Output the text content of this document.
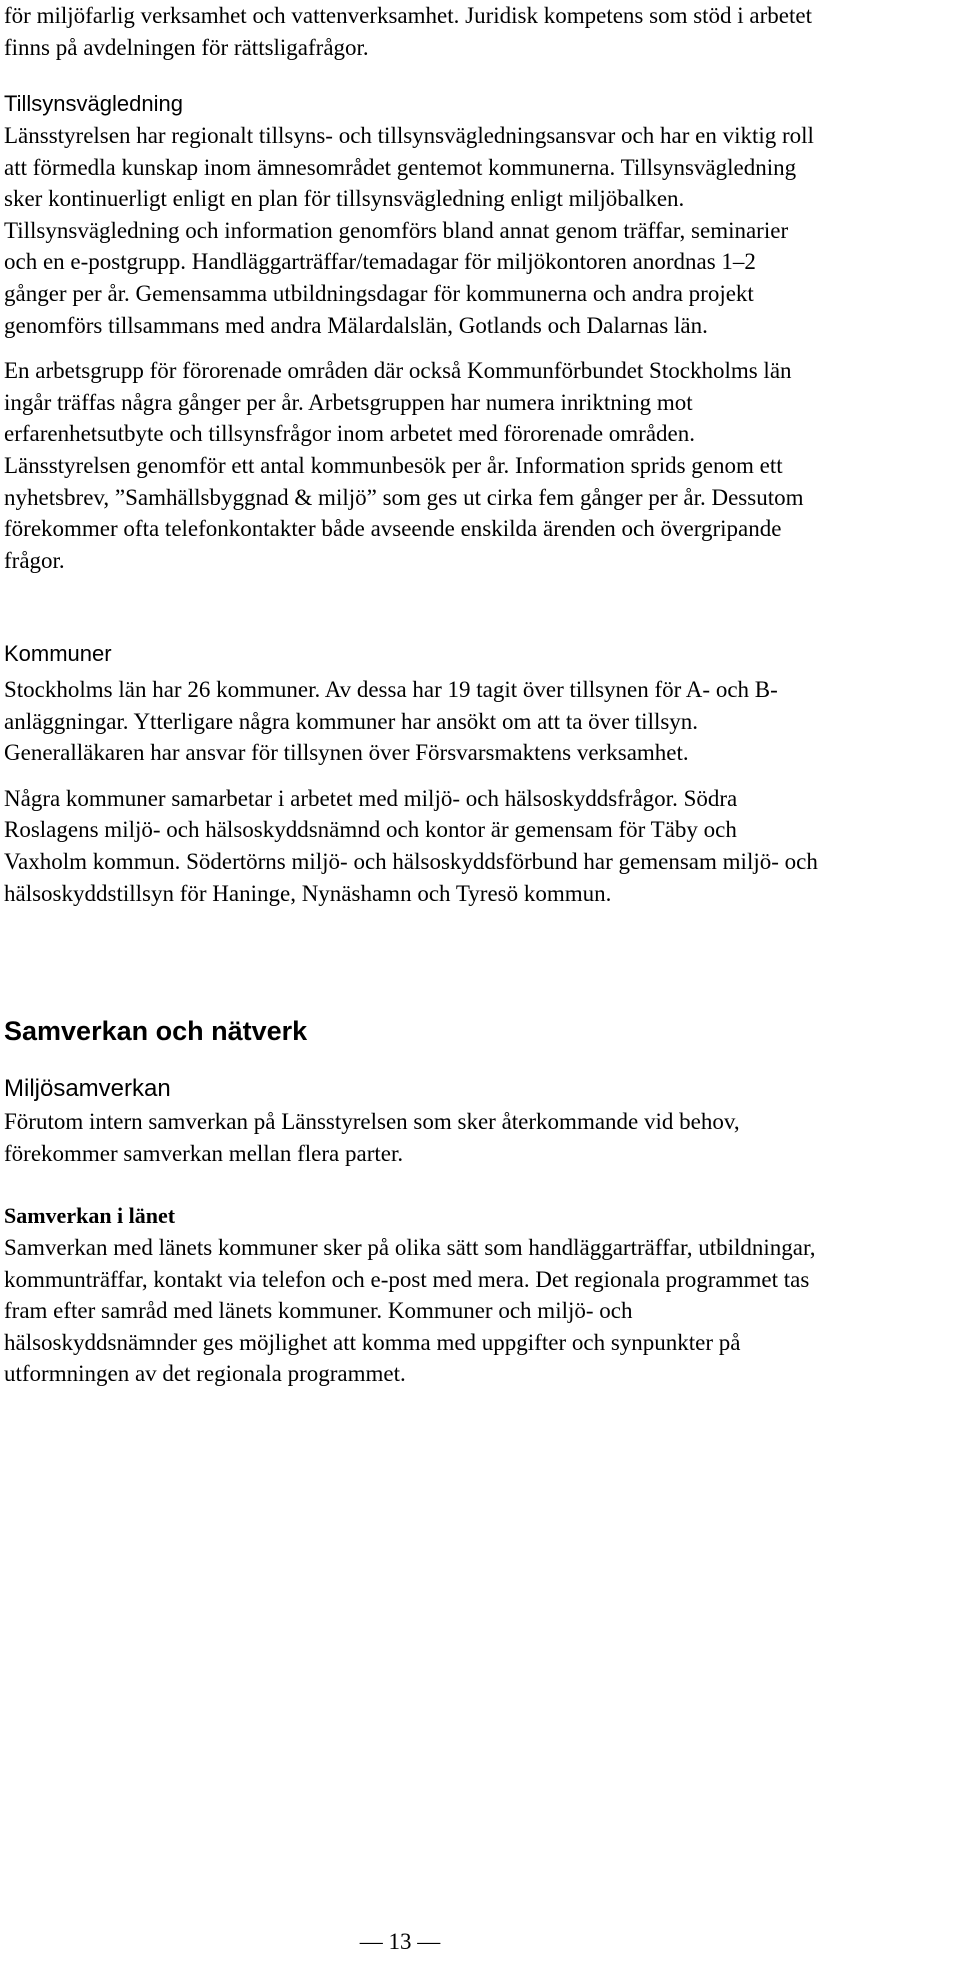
för miljöfarlig verksamhet och vattenverksamhet. Juridisk kompetens som stöd i arbetet finns på avdelningen för rättsligafrågor.

Tillsynsvägledning

Länsstyrelsen har regionalt tillsyns- och tillsynsvägledningsansvar och har en viktig roll att förmedla kunskap inom ämnesområdet gentemot kommunerna. Tillsynsvägledning sker kontinuerligt enligt en plan för tillsynsvägledning enligt miljöbalken. Tillsynsvägledning och information genomförs bland annat genom träffar, seminarier och en e-postgrupp. Handläggarträffar/temadagar för miljökontoren anordnas 1–2 gånger per år. Gemensamma utbildningsdagar för kommunerna och andra projekt genomförs tillsammans med andra Mälardalslän, Gotlands och Dalarnas län.

En arbetsgrupp för förorenade områden där också Kommunförbundet Stockholms län ingår träffas några gånger per år. Arbetsgruppen har numera inriktning mot erfarenhetsutbyte och tillsynsfrågor inom arbetet med förorenade områden. Länsstyrelsen genomför ett antal kommunbesök per år. Information sprids genom ett nyhetsbrev, ”Samhällsbyggnad & miljö” som ges ut cirka fem gånger per år. Dessutom förekommer ofta telefonkontakter både avseende enskilda ärenden och övergripande frågor.

Kommuner

Stockholms län har 26 kommuner. Av dessa har 19 tagit över tillsynen för A- och B- anläggningar. Ytterligare några kommuner har ansökt om att ta över tillsyn. Generalläkaren har ansvar för tillsynen över Försvarsmaktens verksamhet.

Några kommuner samarbetar i arbetet med miljö- och hälsoskyddsfrågor. Södra Roslagens miljö- och hälsoskyddsnämnd och kontor är gemensam för Täby och Vaxholm kommun. Södertörns miljö- och hälsoskyddsförbund har gemensam miljö- och hälsoskyddstillsyn för Haninge, Nynäshamn och Tyresö kommun.

Samverkan och nätverk
Miljösamverkan

Förutom intern samverkan på Länsstyrelsen som sker återkommande vid behov, förekommer samverkan mellan flera parter.

Samverkan i länet

Samverkan med länets kommuner sker på olika sätt som handläggarträffar, utbildningar, kommunträffar, kontakt via telefon och e-post med mera. Det regionala programmet tas fram efter samråd med länets kommuner. Kommuner och miljö- och hälsoskyddsnämnder ges möjlighet att komma med uppgifter och synpunkter på utformningen av det regionala programmet.

— 13 —
